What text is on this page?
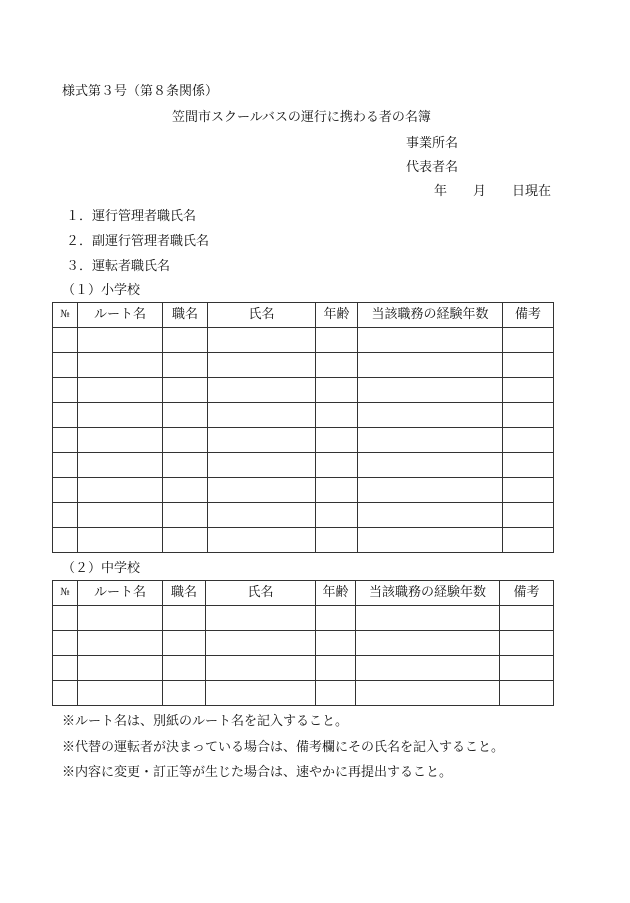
様式第３号（第８条関係）
笠間市スクールバスの運行に携わる者の名簿
事業所名
代表者名
年　　月　　日現在
１．運行管理者職氏名
２．副運行管理者職氏名
３．運転者職氏名
（１）小学校
№	ルート名	職名	氏名	年齢	当該職務の経験年数	備考

（２）中学校
№	ルート名	職名	氏名	年齢	当該職務の経験年数	備考

※ルート名は、別紙のルート名を記入すること。
※代替の運転者が決まっている場合は、備考欄にその氏名を記入すること。
※内容に変更・訂正等が生じた場合は、速やかに再提出すること。
